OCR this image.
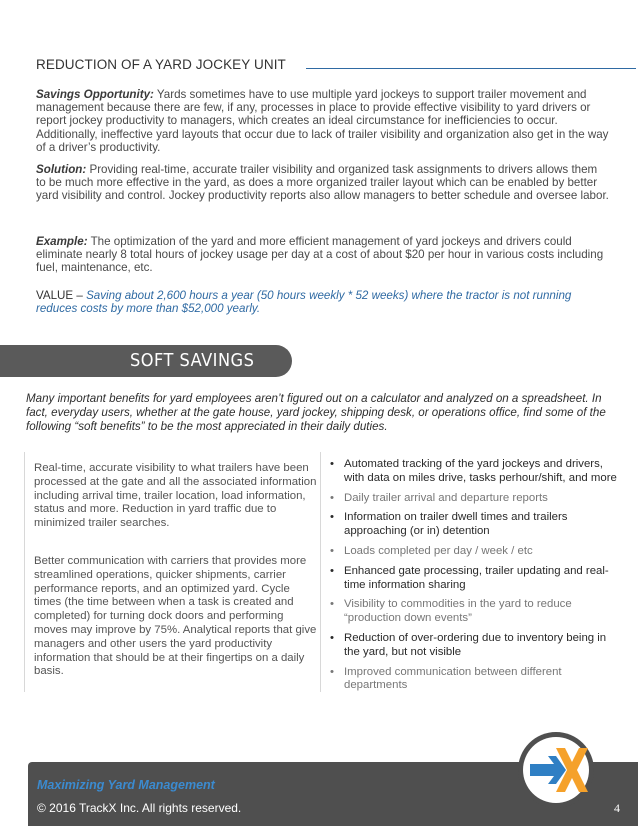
REDUCTION OF A YARD JOCKEY UNIT
Savings Opportunity: Yards sometimes have to use multiple yard jockeys to support trailer movement and management because there are few, if any, processes in place to provide effective visibility to yard drivers or report jockey productivity to managers, which creates an ideal circumstance for inefficiencies to occur. Additionally, ineffective yard layouts that occur due to lack of trailer visibility and organization also get in the way of a driver’s productivity.
Solution: Providing real-time, accurate trailer visibility and organized task assignments to drivers allows them to be much more effective in the yard, as does a more organized trailer layout which can be enabled by better yard visibility and control. Jockey productivity reports also allow managers to better schedule and oversee labor.
Example: The optimization of the yard and more efficient management of yard jockeys and drivers could eliminate nearly 8 total hours of jockey usage per day at a cost of about $20 per hour in various costs including fuel, maintenance, etc.
VALUE – Saving about 2,600 hours a year (50 hours weekly * 52 weeks) where the tractor is not running reduces costs by more than $52,000 yearly.
SOFT SAVINGS
Many important benefits for yard employees aren’t figured out on a calculator and analyzed on a spreadsheet. In fact, everyday users, whether at the gate house, yard jockey, shipping desk, or operations office, find some of the following “soft benefits” to be the most appreciated in their daily duties.
Real-time, accurate visibility to what trailers have been processed at the gate and all the associated information including arrival time, trailer location, load information, status and more. Reduction in yard traffic due to minimized trailer searches.
Better communication with carriers that provides more streamlined operations, quicker shipments, carrier performance reports, and an optimized yard. Cycle times (the time between when a task is created and completed) for turning dock doors and performing moves may improve by 75%. Analytical reports that give managers and other users the yard productivity information that should be at their fingertips on a daily basis.
• Automated tracking of the yard jockeys and drivers, with data on miles drive, tasks perhour/shift, and more
• Daily trailer arrival and departure reports
• Information on trailer dwell times and trailers approaching (or in) detention
• Loads completed per day / week / etc
• Enhanced gate processing, trailer updating and real-time information sharing
• Visibility to commodities in the yard to reduce “production down events”
• Reduction of over-ordering due to inventory being in the yard, but not visible
• Improved communication between different departments
Maximizing Yard Management
© 2016 TrackX Inc. All rights reserved.	4
